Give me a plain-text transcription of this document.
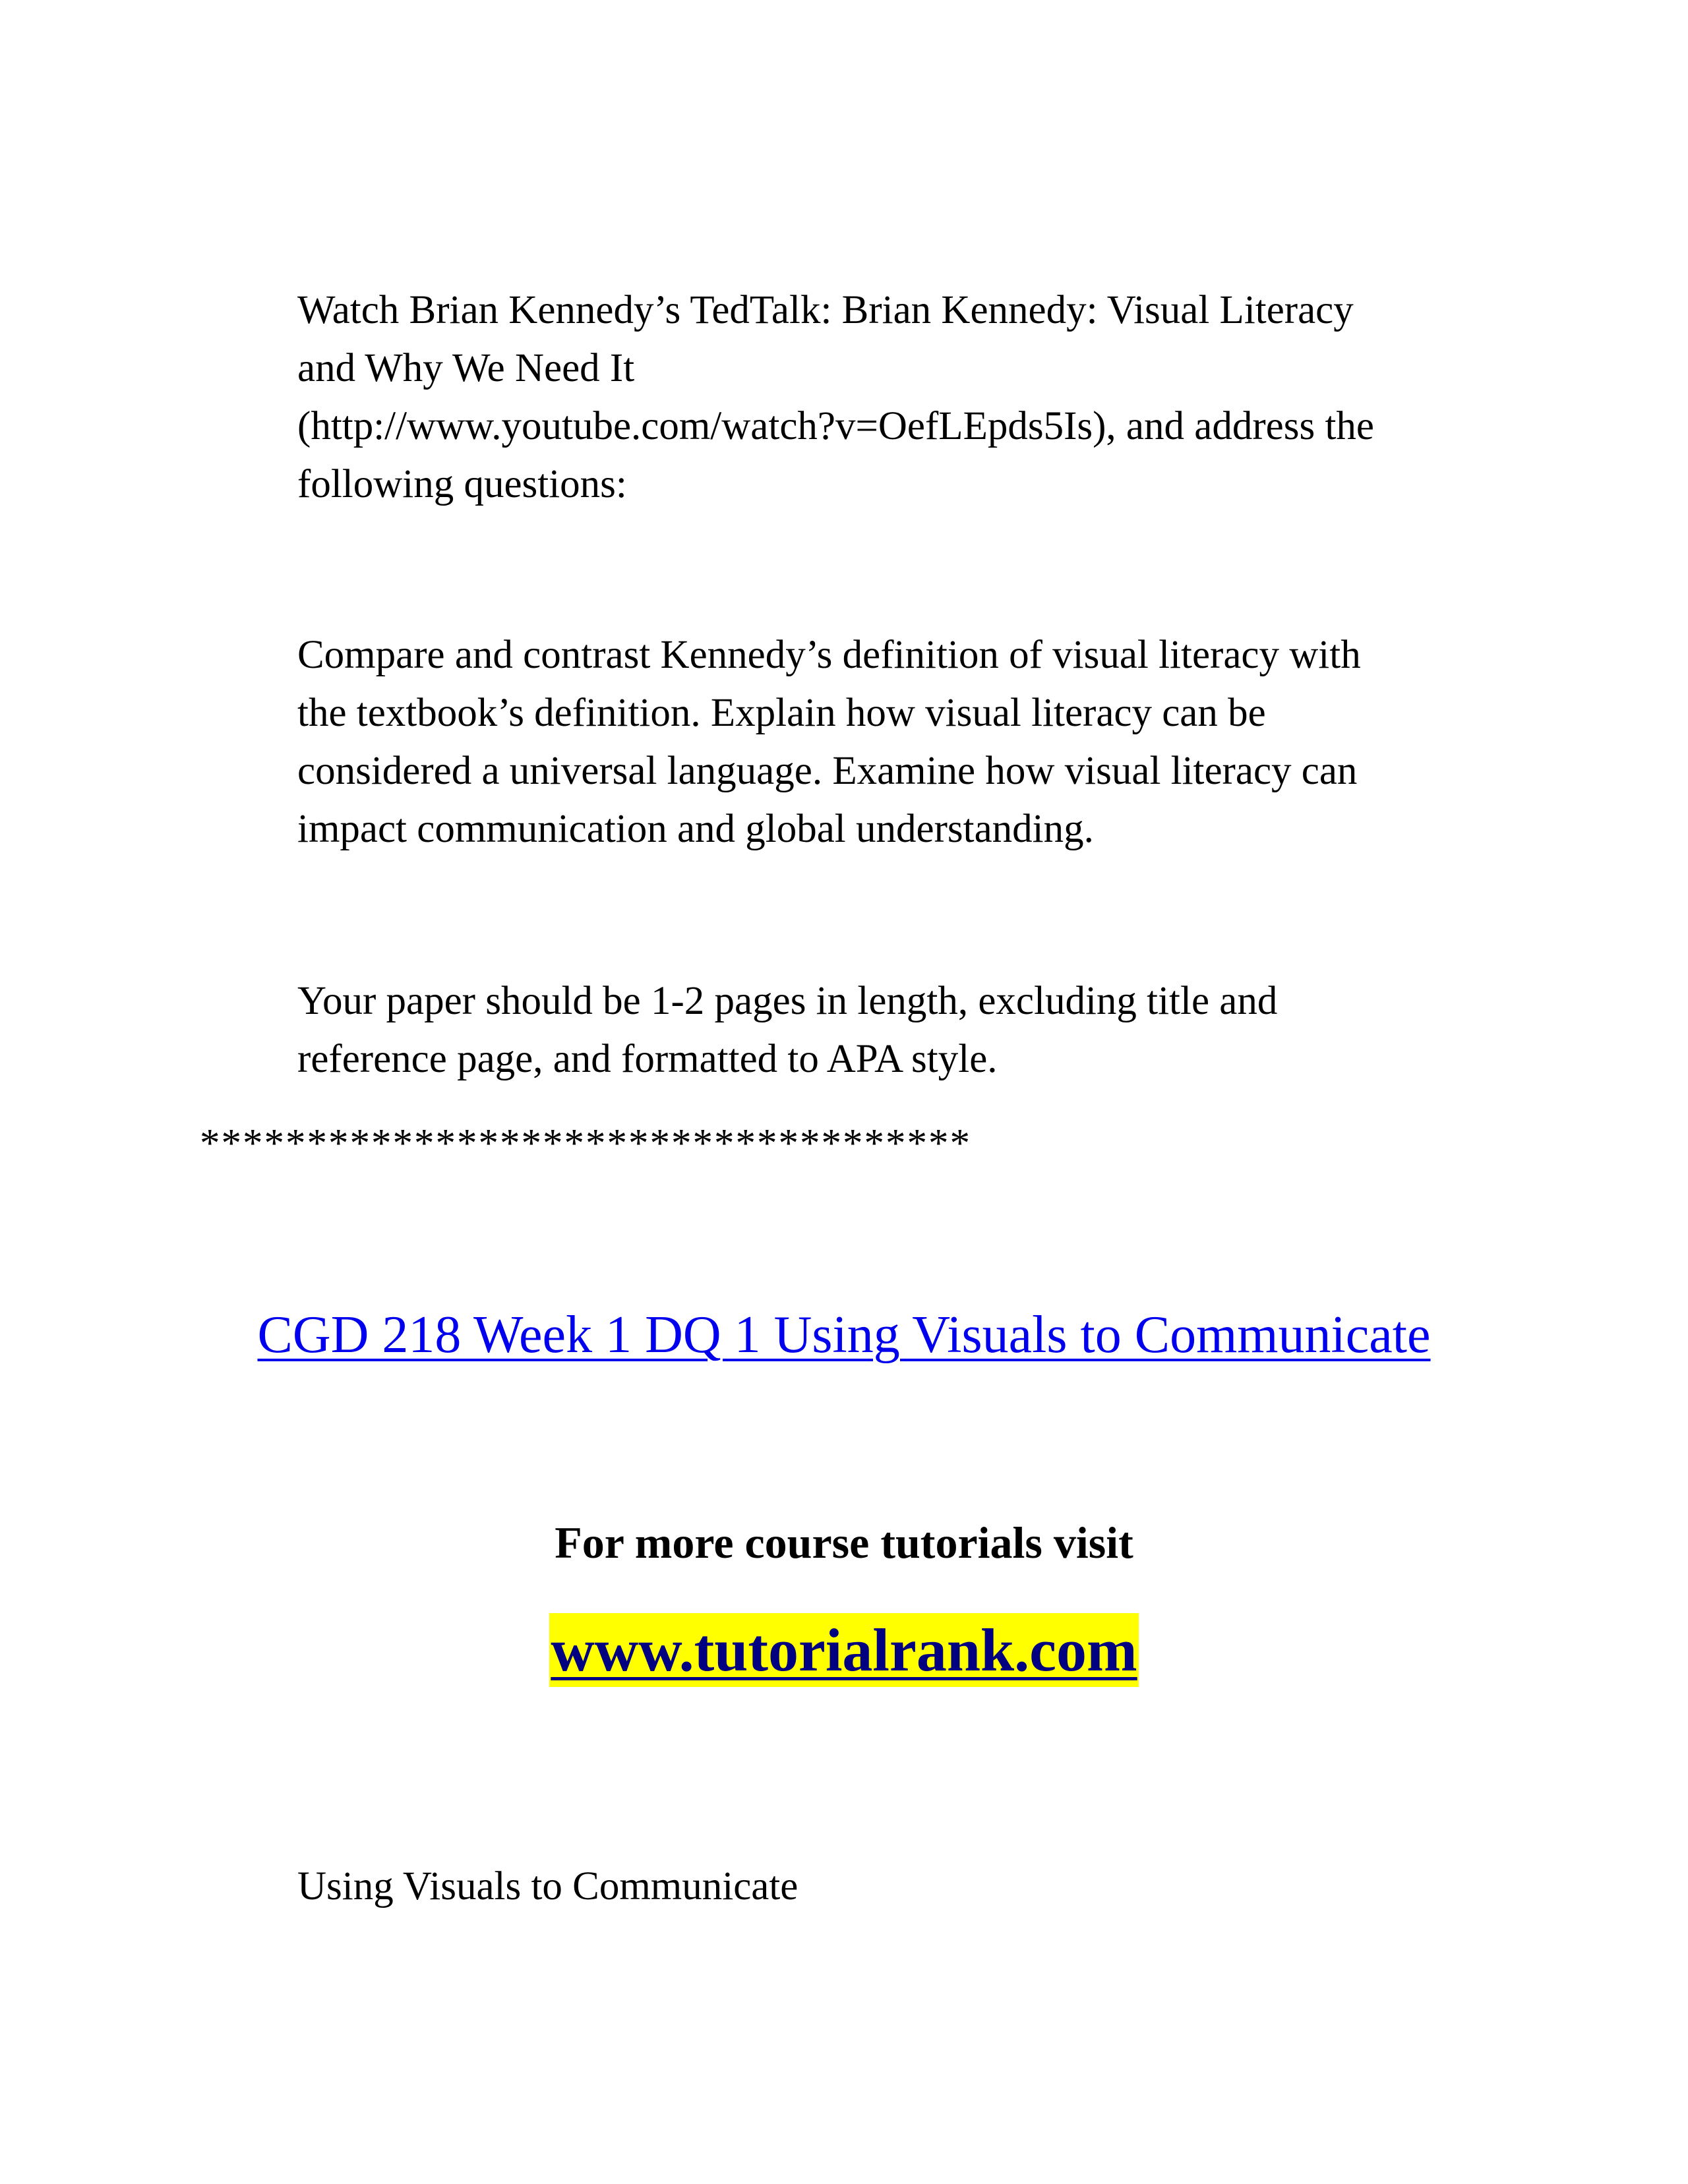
Watch Brian Kennedy’s TedTalk: Brian Kennedy: Visual Literacy
and Why We Need It
(http://www.youtube.com/watch?v=OefLEpds5Is), and address the
following questions:

Compare and contrast Kennedy’s definition of visual literacy with
the textbook’s definition. Explain how visual literacy can be
considered a universal language. Examine how visual literacy can
impact communication and global understanding.

Your paper should be 1-2 pages in length, excluding title and
reference page, and formatted to APA style.

************************************
CGD 218 Week 1 DQ 1 Using Visuals to Communicate
For more course tutorials visit
www.tutorialrank.com

Using Visuals to Communicate
